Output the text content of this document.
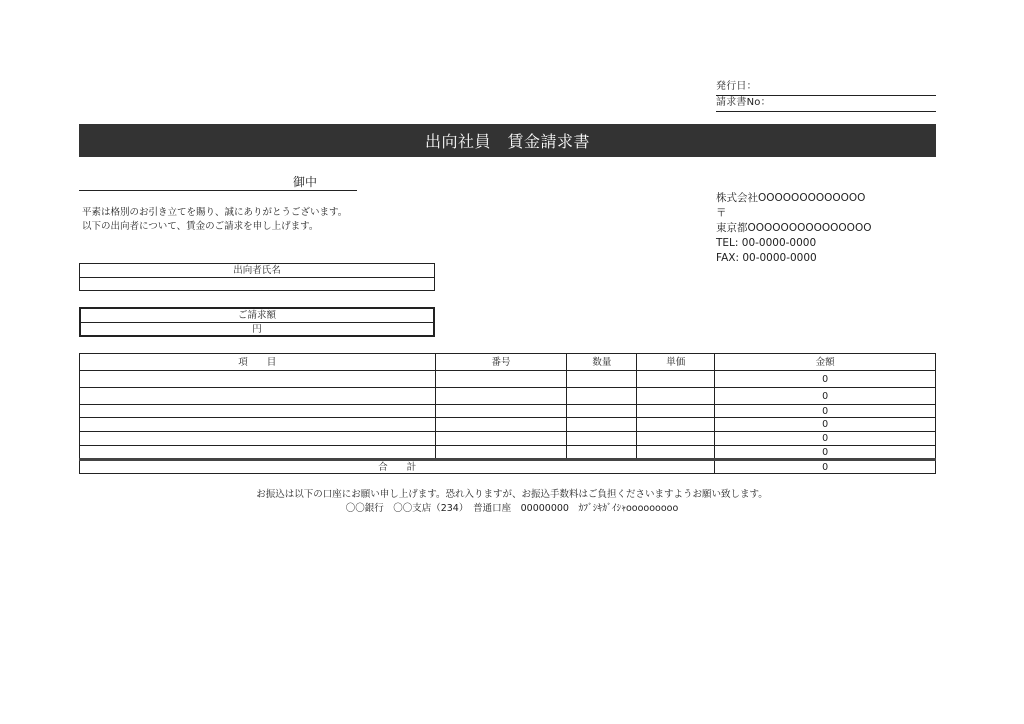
発行日：
請求書No：
出向社員　賃金請求書
御中
平素は格別のお引き立てを賜り、誠にありがとうございます。
以下の出向者について、賃金のご請求を申し上げます。
株式会社OOOOOOOOOOOOO
〒
東京都OOOOOOOOOOOOOOO
TEL: 00-0000-0000
FAX: 00-0000-0000
出向者氏名
ご請求額
円
項　　目	番号	数量	単価	金額
				0
				0
				0
				0
				0
				0
合　　計				0
お振込は以下の口座にお願い申し上げます。恐れ入りますが、お振込手数料はご負担くださいますようお願い致します。
〇〇銀行　〇〇支店（234）　普通口座　00000000　ｶﾌﾞｼｷｶﾞｲｼｬooooooooo
